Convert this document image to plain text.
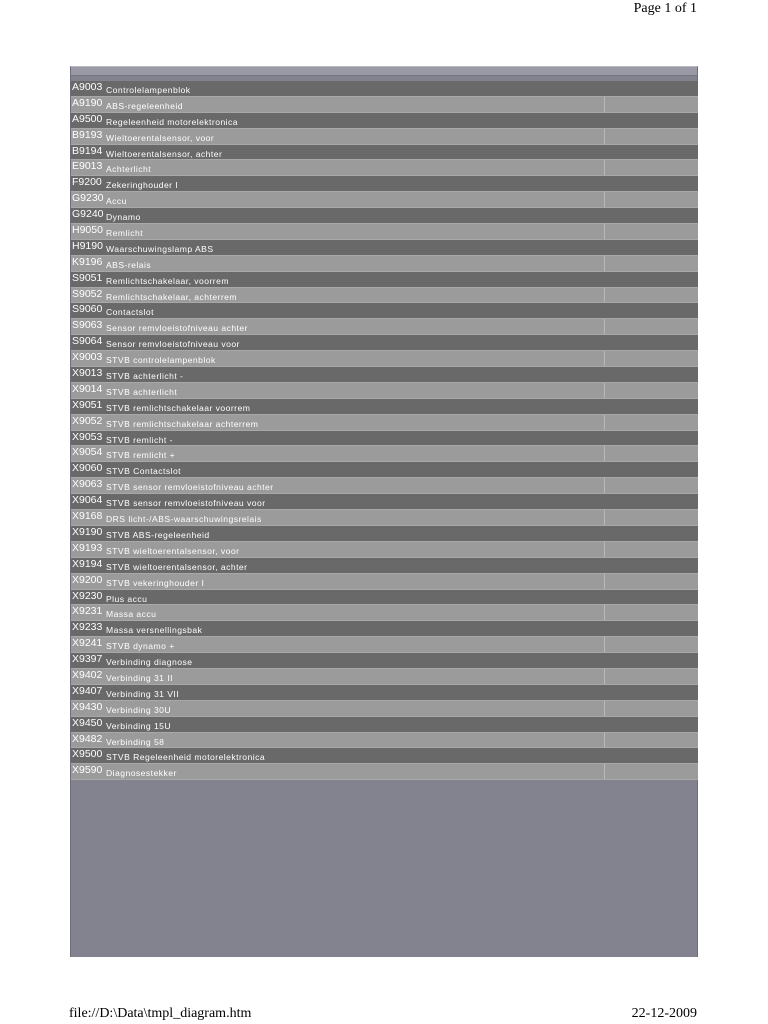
Page 1 of 1
A9003 Controlelampenblok
A9190 ABS-regeleenheid
A9500 Regeleenheid motorelektronica
B9193 Wieltoerentalsensor, voor
B9194 Wieltoerentalsensor, achter
E9013 Achterlicht
F9200 Zekeringhouder I
G9230 Accu
G9240 Dynamo
H9050 Remlicht
H9190 Waarschuwingslamp ABS
K9196 ABS-relais
S9051 Remlichtschakelaar, voorrem
S9052 Remlichtschakelaar, achterrem
S9060 Contactslot
S9063 Sensor remvloeistofniveau achter
S9064 Sensor remvloeistofniveau voor
X9003 STVB controlelampenblok
X9013 STVB achterlicht -
X9014 STVB achterlicht
X9051 STVB remlichtschakelaar voorrem
X9052 STVB remlichtschakelaar achterrem
X9053 STVB remlicht -
X9054 STVB remlicht +
X9060 STVB Contactslot
X9063 STVB sensor remvloeistofniveau achter
X9064 STVB sensor remvloeistofniveau voor
X9168 DRS licht-/ABS-waarschuwingsrelais
X9190 STVB ABS-regeleenheid
X9193 STVB wieltoerentalsensor, voor
X9194 STVB wieltoerentalsensor, achter
X9200 STVB vekeringhouder I
X9230 Plus accu
X9231 Massa accu
X9233 Massa versnellingsbak
X9241 STVB dynamo +
X9397 Verbinding diagnose
X9402 Verbinding 31 II
X9407 Verbinding 31 VII
X9430 Verbinding 30U
X9450 Verbinding 15U
X9482 Verbinding 58
X9500 STVB Regeleenheid motorelektronica
X9590 Diagnosestekker
file://D:\Data\tmpl_diagram.htm	22-12-2009
